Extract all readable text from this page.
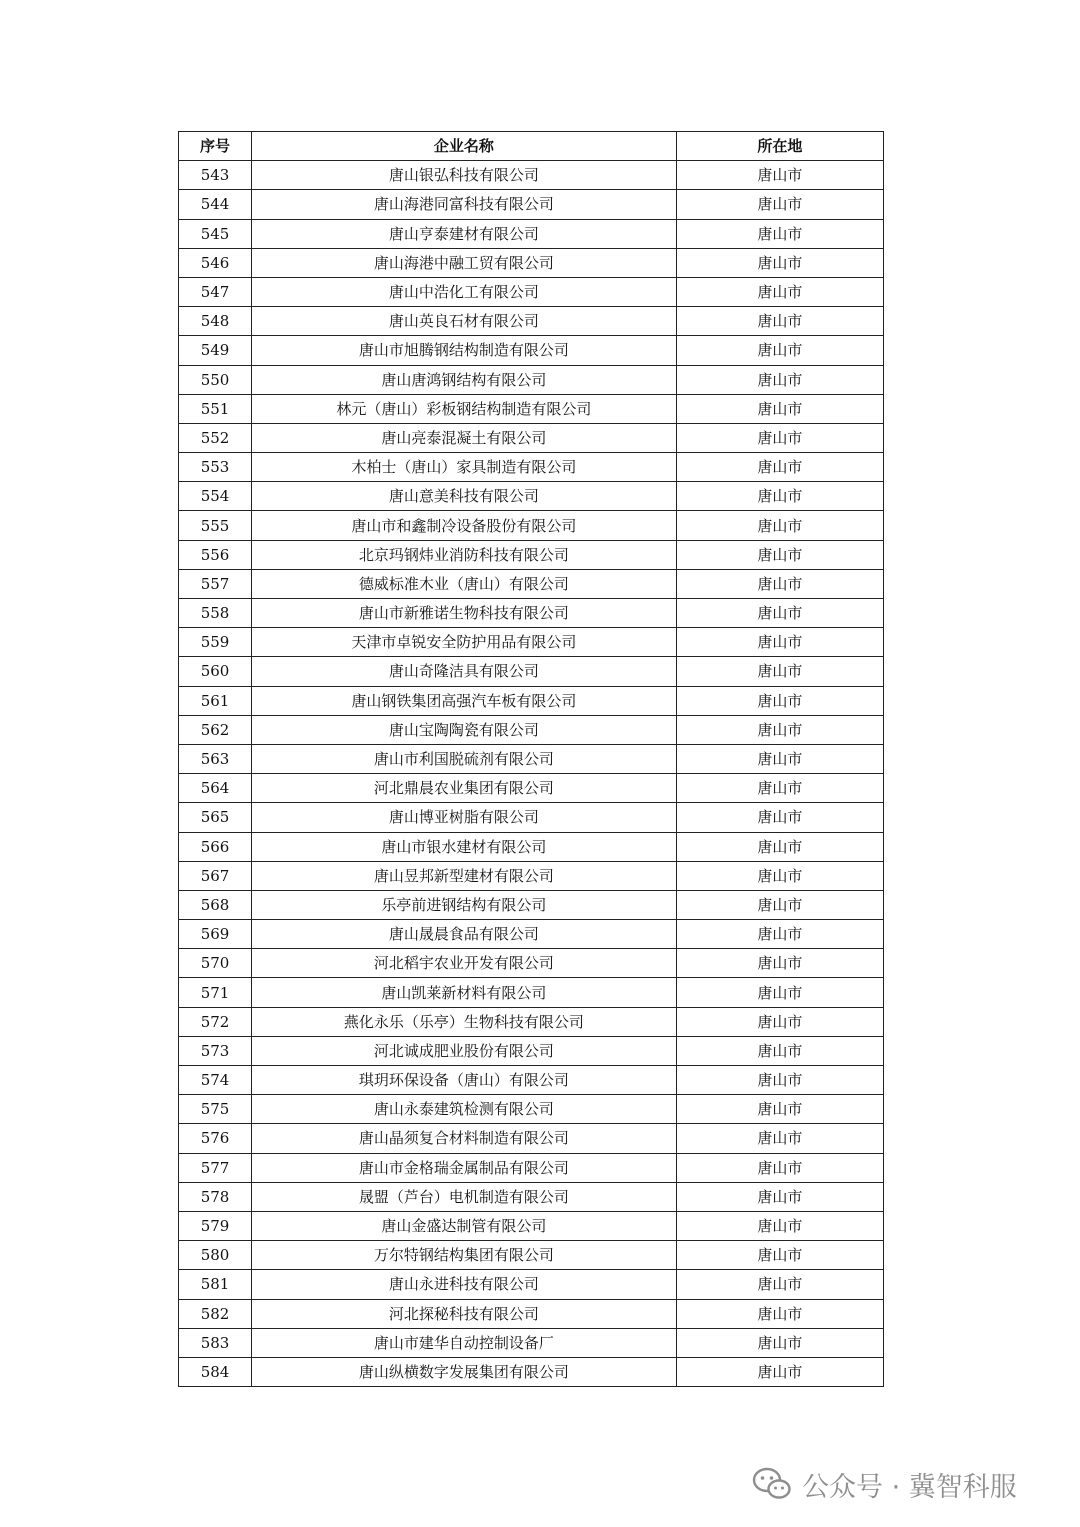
序号	企业名称	所在地
543	唐山银弘科技有限公司	唐山市
544	唐山海港同富科技有限公司	唐山市
545	唐山亨泰建材有限公司	唐山市
546	唐山海港中融工贸有限公司	唐山市
547	唐山中浩化工有限公司	唐山市
548	唐山英良石材有限公司	唐山市
549	唐山市旭腾钢结构制造有限公司	唐山市
550	唐山唐鸿钢结构有限公司	唐山市
551	林元（唐山）彩板钢结构制造有限公司	唐山市
552	唐山亮泰混凝土有限公司	唐山市
553	木柏士（唐山）家具制造有限公司	唐山市
554	唐山意美科技有限公司	唐山市
555	唐山市和鑫制冷设备股份有限公司	唐山市
556	北京玛钢炜业消防科技有限公司	唐山市
557	德威标准木业（唐山）有限公司	唐山市
558	唐山市新雅诺生物科技有限公司	唐山市
559	天津市卓锐安全防护用品有限公司	唐山市
560	唐山奇隆洁具有限公司	唐山市
561	唐山钢铁集团高强汽车板有限公司	唐山市
562	唐山宝陶陶瓷有限公司	唐山市
563	唐山市利国脱硫剂有限公司	唐山市
564	河北鼎晨农业集团有限公司	唐山市
565	唐山博亚树脂有限公司	唐山市
566	唐山市银水建材有限公司	唐山市
567	唐山昱邦新型建材有限公司	唐山市
568	乐亭前进钢结构有限公司	唐山市
569	唐山晟晨食品有限公司	唐山市
570	河北稻宇农业开发有限公司	唐山市
571	唐山凯莱新材料有限公司	唐山市
572	燕化永乐（乐亭）生物科技有限公司	唐山市
573	河北诚成肥业股份有限公司	唐山市
574	琪玥环保设备（唐山）有限公司	唐山市
575	唐山永泰建筑检测有限公司	唐山市
576	唐山晶须复合材料制造有限公司	唐山市
577	唐山市金格瑞金属制品有限公司	唐山市
578	晟盟（芦台）电机制造有限公司	唐山市
579	唐山金盛达制管有限公司	唐山市
580	万尔特钢结构集团有限公司	唐山市
581	唐山永进科技有限公司	唐山市
582	河北探秘科技有限公司	唐山市
583	唐山市建华自动控制设备厂	唐山市
584	唐山纵横数字发展集团有限公司	唐山市
公众号 · 冀智科服
